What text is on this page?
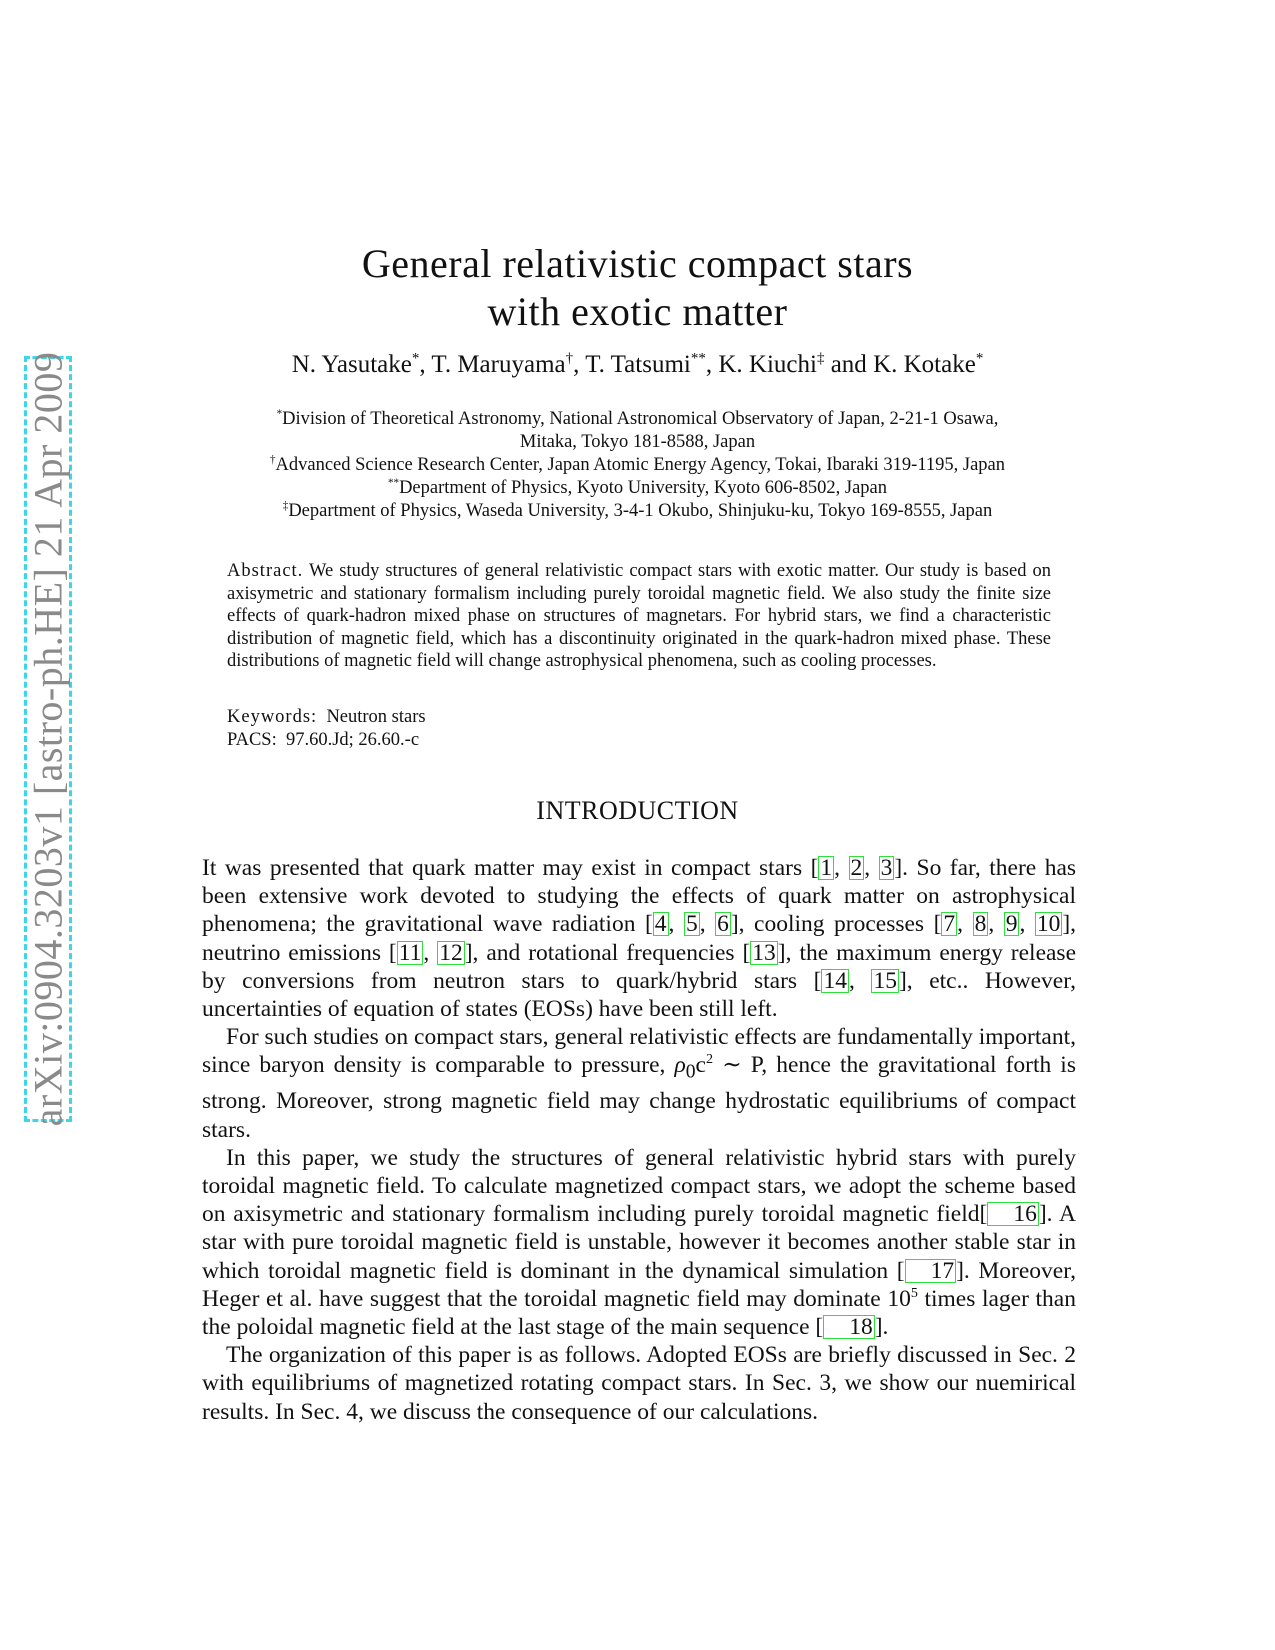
arXiv:0904.3203v1 [astro-ph.HE] 21 Apr 2009
General relativistic compact stars
with exotic matter
N. Yasutake*, T. Maruyama†, T. Tatsumi**, K. Kiuchi‡ and K. Kotake*
*Division of Theoretical Astronomy, National Astronomical Observatory of Japan, 2-21-1 Osawa,
Mitaka, Tokyo 181-8588, Japan
†Advanced Science Research Center, Japan Atomic Energy Agency, Tokai, Ibaraki 319-1195, Japan
**Department of Physics, Kyoto University, Kyoto 606-8502, Japan
‡Department of Physics, Waseda University, 3-4-1 Okubo, Shinjuku-ku, Tokyo 169-8555, Japan
Abstract. We study structures of general relativistic compact stars with exotic matter. Our study is based on axisymetric and stationary formalism including purely toroidal magnetic field. We also study the finite size effects of quark-hadron mixed phase on structures of magnetars. For hybrid stars, we find a characteristic distribution of magnetic field, which has a discontinuity originated in the quark-hadron mixed phase. These distributions of magnetic field will change astrophysical phenomena, such as cooling processes.
Keywords: Neutron stars
PACS: 97.60.Jd; 26.60.-c
INTRODUCTION

It was presented that quark matter may exist in compact stars [1, 2, 3]. So far, there has been extensive work devoted to studying the effects of quark matter on astrophysical phenomena; the gravitational wave radiation [4, 5, 6], cooling processes [7, 8, 9, 10], neutrino emissions [11, 12], and rotational frequencies [13], the maximum energy release by conversions from neutron stars to quark/hybrid stars [14, 15], etc.. However, uncertainties of equation of states (EOSs) have been still left.

For such studies on compact stars, general relativistic effects are fundamentally important, since baryon density is comparable to pressure, $\rho_0c^2$ ∼ P, hence the gravitational forth is strong. Moreover, strong magnetic field may change hydrostatic equilibriums of compact stars.

In this paper, we study the structures of general relativistic hybrid stars with purely toroidal magnetic field. To calculate magnetized compact stars, we adopt the scheme based on axisymetric and stationary formalism including purely toroidal magnetic field[ 16]. A star with pure toroidal magnetic field is unstable, however it becomes another stable star in which toroidal magnetic field is dominant in the dynamical simulation [ 17]. Moreover, Heger et al. have suggest that the toroidal magnetic field may dominate $10^5$ times lager than the poloidal magnetic field at the last stage of the main sequence [ 18].

The organization of this paper is as follows. Adopted EOSs are briefly discussed in Sec. 2 with equilibriums of magnetized rotating compact stars. In Sec. 3, we show our nuemirical results. In Sec. 4, we discuss the consequence of our calculations.
